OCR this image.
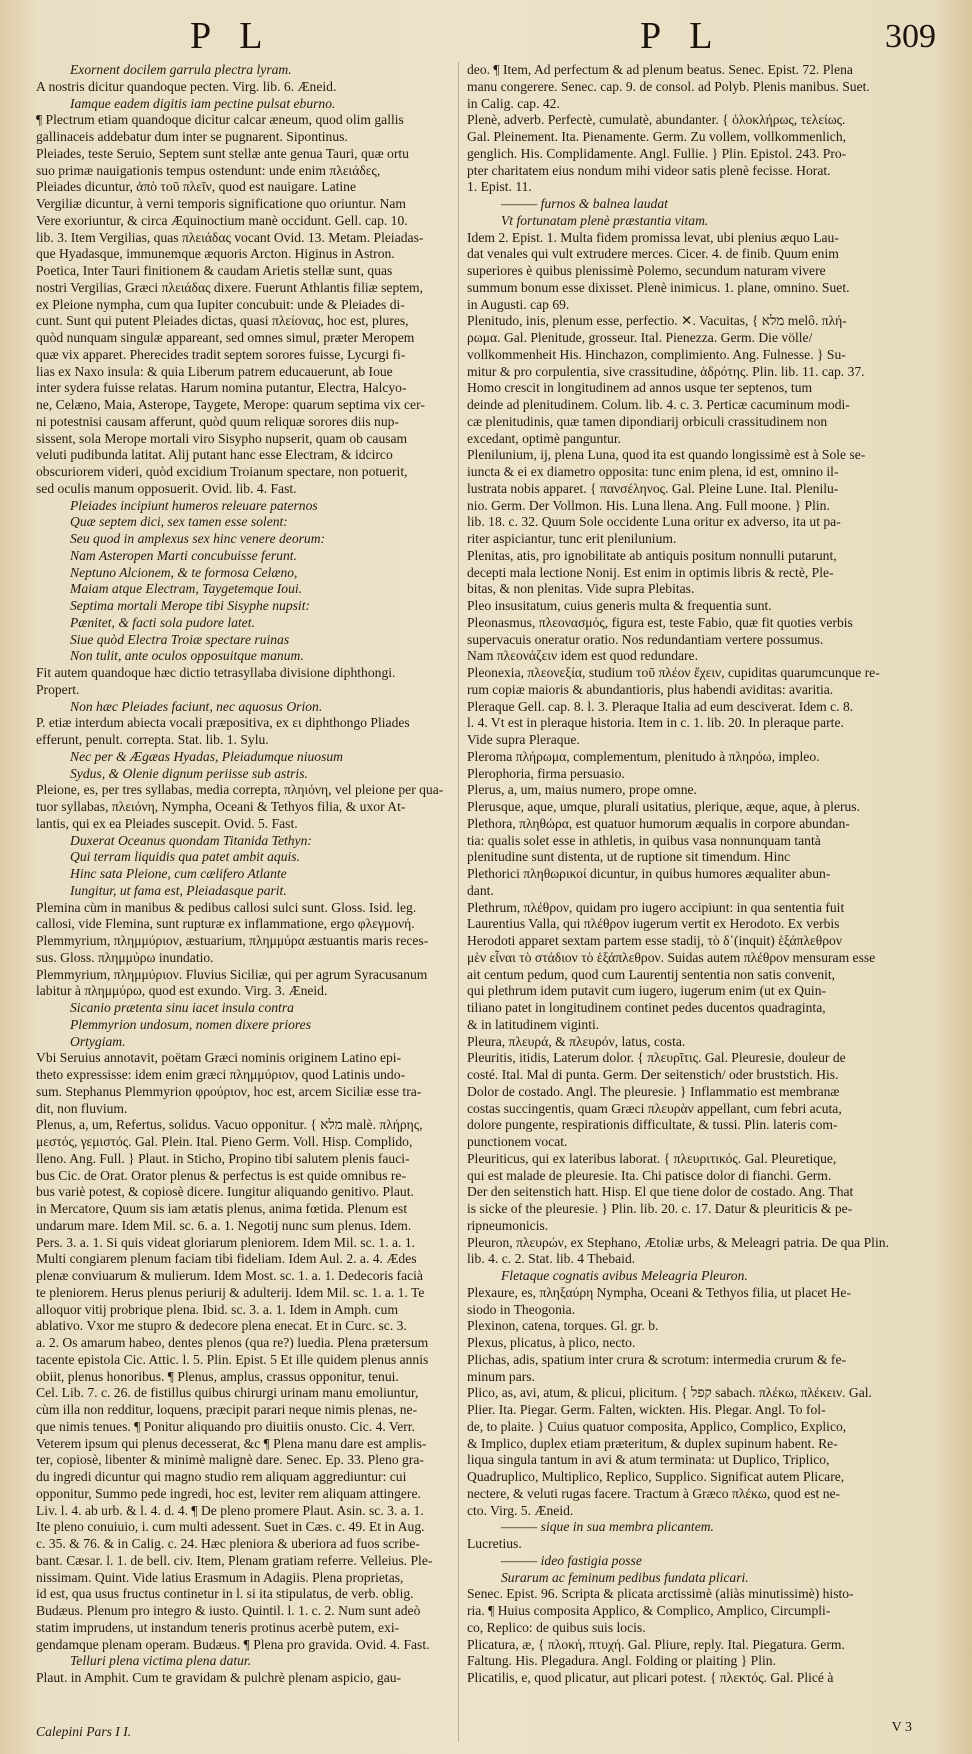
P L	P L	309
Exornent docilem garrula plectra lyram.
A nostris dicitur quandoque pecten. Virg. lib. 6. Æneid.
Iamque eadem digitis iam pectine pulsat eburno.
¶ Plectrum etiam quandoque dicitur calcar æneum, quod olim gallis
gallinaceis addebatur dum inter se pugnarent. Sipontinus.
Pleiades, teste Seruio, Septem sunt stellæ ante genua Tauri, quæ ortu
suo primæ nauigationis tempus ostendunt: unde enim πλειάδες,
Pleiades dicuntur, ἀπὸ τοῦ πλεῖν, quod est nauigare. Latine
Vergiliæ dicuntur, à verni temporis significatione quo oriuntur. Nam
Vere exoriuntur, & circa Æquinoctium manè occidunt. Gell. cap. 10.
lib. 3. Item Vergilias, quas πλειάδας vocant Ovid. 13. Metam. Pleiadas-
que Hyadasque, immunemque æquoris Arcton. Higinus in Astron.
Poetica, Inter Tauri finitionem & caudam Arietis stellæ sunt, quas
nostri Vergilias, Græci πλειάδας dixere. Fuerunt Athlantis filiæ septem,
ex Pleione nympha, cum qua Iupiter concubuit: unde & Pleiades di-
cunt. Sunt qui putent Pleiades dictas, quasi πλείονας, hoc est, plures,
quòd nunquam singulæ appareant, sed omnes simul, præter Meropem
quæ vix apparet. Pherecides tradit septem sorores fuisse, Lycurgi fi-
lias ex Naxo insula: & quia Liberum patrem educauerunt, ab Ioue
inter sydera fuisse relatas. Harum nomina putantur, Electra, Halcyo-
ne, Celæno, Maia, Asterope, Taygete, Merope: quarum septima vix cer-
ni potestnisi causam afferunt, quòd quum reliquæ sorores diis nup-
sissent, sola Merope mortali viro Sisypho nupserit, quam ob causam
veluti pudibunda latitat. Alij putant hanc esse Electram, & idcirco
obscuriorem videri, quòd excidium Troianum spectare, non potuerit,
sed oculis manum opposuerit. Ovid. lib. 4. Fast.
Pleiades incipiunt humeros releuare paternos
Quæ septem dici, sex tamen esse solent:
Seu quod in amplexus sex hinc venere deorum:
Nam Asteropen Marti concubuisse ferunt.
Neptuno Alcionem, & te formosa Celæno,
Maiam atque Electram, Taygetemque Ioui.
Septima mortali Merope tibi Sisyphe nupsit:
Pænitet, & facti sola pudore latet.
Siue quòd Electra Troiæ spectare ruinas
Non tulit, ante oculos opposuitque manum.
Fit autem quandoque hæc dictio tetrasyllaba divisione diphthongi.
Propert.
Non hæc Pleiades faciunt, nec aquosus Orion.
P. etiæ interdum abiecta vocali præpositiva, ex ει diphthongo Pliades
efferunt, penult. correpta. Stat. lib. 1. Sylu.
Nec per & Ægæas Hyadas, Pleiadumque niuosum
Sydus, & Olenie dignum periisse sub astris.
Pleione, es, per tres syllabas, media correpta, πληιόνη, vel pleione per qua-
tuor syllabas, πλειόνη, Nympha, Oceani & Tethyos filia, & uxor At-
lantis, qui ex ea Pleiades suscepit. Ovid. 5. Fast.
Duxerat Oceanus quondam Titanida Tethyn:
Qui terram liquidis qua patet ambit aquis.
Hinc sata Pleione, cum cælifero Atlante
Iungitur, ut fama est, Pleiadasque parit.
Plemina cùm in manibus & pedibus callosi sulci sunt. Gloss. Isid. leg.
callosi, vide Flemina, sunt rupturæ ex inflammatione, ergo φλεγμονή.
Plemmyrium, πλημμύριον, æstuarium, πλημμύρα æstuantis maris reces-
sus. Gloss. πλημμύρω inundatio.
Plemmyrium, πλημμύριον. Fluvius Siciliæ, qui per agrum Syracusanum
labitur à πλημμύρω, quod est exundo. Virg. 3. Æneid.
Sicanio prætenta sinu iacet insula contra
Plemmyrion undosum, nomen dixere priores
Ortygiam.
Vbi Seruius annotavit, poëtam Græci nominis originem Latino epi-
theto expressisse: idem enim græci πλημμύριον, quod Latinis undo-
sum. Stephanus Plemmyrion φρούριον, hoc est, arcem Siciliæ esse tra-
dit, non fluvium.
Plenus, a, um, Refertus, solidus. Vacuo opponitur. { מלא malè. πλήρης,
μεστός, γεμιστός. Gal. Plein. Ital. Pieno Germ. Voll. Hisp. Complido,
lleno. Ang. Full. } Plaut. in Sticho, Propino tibi salutem plenis fauci-
bus Cic. de Orat. Orator plenus & perfectus is est quide omnibus re-
bus variè potest, & copiosè dicere. Iungitur aliquando genitivo. Plaut.
in Mercatore, Quum sis iam ætatis plenus, anima fœtida. Plenum est
undarum mare. Idem Mil. sc. 6. a. 1. Negotij nunc sum plenus. Idem.
Pers. 3. a. 1. Si quis videat gloriarum pleniorem. Idem Mil. sc. 1. a. 1.
Multi congiarem plenum faciam tibi fideliam. Idem Aul. 2. a. 4. Ædes
plenæ conviuarum & mulierum. Idem Most. sc. 1. a. 1. Dedecoris facià
te pleniorem. Herus plenus periurij & adulterij. Idem Mil. sc. 1. a. 1. Te
alloquor vitij probrique plena. Ibid. sc. 3. a. 1. Idem in Amph. cum
ablativo. Vxor me stupro & dedecore plena enecat. Et in Curc. sc. 3.
a. 2. Os amarum habeo, dentes plenos (qua re?) luedia. Plena prætersum
tacente epistola Cic. Attic. l. 5. Plin. Epist. 5 Et ille quidem plenus annis
obiit, plenus honoribus. ¶ Plenus, amplus, crassus opponitur, tenui.
Cel. Lib. 7. c. 26. de fistillus quibus chirurgi urinam manu emoliuntur,
cùm illa non redditur, loquens, præcipit parari neque nimis plenas, ne-
que nimis tenues. ¶ Ponitur aliquando pro diuitiis onusto. Cic. 4. Verr.
Veterem ipsum qui plenus decesserat, &c ¶ Plena manu dare est amplis-
ter, copiosè, libenter & minimè malignè dare. Senec. Ep. 33. Pleno gra-
du ingredi dicuntur qui magno studio rem aliquam aggrediuntur: cui
opponitur, Summo pede ingredi, hoc est, leviter rem aliquam attingere.
Liv. l. 4. ab urb. & l. 4. d. 4. ¶ De pleno promere Plaut. Asin. sc. 3. a. 1.
Ite pleno conuiuio, i. cum multi adessent. Suet in Cæs. c. 49. Et in Aug.
c. 35. & 76. & in Calig. c. 24. Hæc pleniora & uberiora ad fuos scribe-
bant. Cæsar. l. 1. de bell. civ. Item, Plenam gratiam referre. Velleius. Ple-
nissimam. Quint. Vide latius Erasmum in Adagiis. Plena proprietas,
id est, qua usus fructus continetur in l. si ita stipulatus, de verb. oblig.
Budæus. Plenum pro integro & iusto. Quintil. l. 1. c. 2. Num sunt adeò
statim imprudens, ut instandum teneris protinus acerbè putem, exi-
gendamque plenam operam. Budæus. ¶ Plena pro gravida. Ovid. 4. Fast.
Telluri plena victima plena datur.
Plaut. in Amphit. Cum te gravidam & pulchrè plenam aspicio, gau-
deo. ¶ Item, Ad perfectum & ad plenum beatus. Senec. Epist. 72. Plena
manu congerere. Senec. cap. 9. de consol. ad Polyb. Plenis manibus. Suet.
in Calig. cap. 42.
Plenè, adverb. Perfectè, cumulatè, abundanter. { ὁλοκλήρως, τελείως.
Gal. Pleinement. Ita. Pienamente. Germ. Zu vollem, vollkommenlich,
genglich. His. Complidamente. Angl. Fullie. } Plin. Epistol. 243. Pro-
pter charitatem eius nondum mihi videor satis plenè fecisse. Horat.
1. Epist. 11.
——— furnos & balnea laudat
Vt fortunatam plenè præstantia vitam.
Idem 2. Epist. 1. Multa fidem promissa levat, ubi plenius æquo Lau-
dat venales qui vult extrudere merces. Cicer. 4. de finib. Quum enim
superiores è quibus plenissimè Polemo, secundum naturam vivere
summum bonum esse dixisset. Plenè inimicus. 1. plane, omnino. Suet.
in Augusti. cap 69.
Plenitudo, inis, plenum esse, perfectio. ✕. Vacuitas, { מלא melô. πλή-
ρωμα. Gal. Plenitude, grosseur. Ital. Pienezza. Germ. Die völle/
vollkommenheit His. Hinchazon, complimiento. Ang. Fulnesse. } Su-
mitur & pro corpulentia, sive crassitudine, ἁδρότης. Plin. lib. 11. cap. 37.
Homo crescit in longitudinem ad annos usque ter septenos, tum
deinde ad plenitudinem. Colum. lib. 4. c. 3. Perticæ cacuminum modi-
cæ plenitudinis, quæ tamen dipondiarij orbiculi crassitudinem non
excedant, optimè panguntur.
Plenilunium, ij, plena Luna, quod ita est quando longissimè est à Sole se-
iuncta & ei ex diametro opposita: tunc enim plena, id est, omnino il-
lustrata nobis apparet. { πανσέληνος. Gal. Pleine Lune. Ital. Plenilu-
nio. Germ. Der Vollmon. His. Luna llena. Ang. Full moone. } Plin.
lib. 18. c. 32. Quum Sole occidente Luna oritur ex adverso, ita ut pa-
riter aspiciantur, tunc erit plenilunium.
Plenitas, atis, pro ignobilitate ab antiquis positum nonnulli putarunt,
decepti mala lectione Nonij. Est enim in optimis libris & rectè, Ple-
bitas, & non plenitas. Vide supra Plebitas.
Pleo insusitatum, cuius generis multa & frequentia sunt.
Pleonasmus, πλεονασμός, figura est, teste Fabio, quæ fit quoties verbis
supervacuis oneratur oratio. Nos redundantiam vertere possumus.
Nam πλεονάζειν idem est quod redundare.
Pleonexia, πλεονεξία, studium τοῦ πλέον ἔχειν, cupiditas quarumcunque re-
rum copiæ maioris & abundantioris, plus habendi aviditas: avaritia.
Pleraque Gell. cap. 8. l. 3. Pleraque Italia ad eum desciverat. Idem c. 8.
l. 4. Vt est in pleraque historia. Item in c. 1. lib. 20. In pleraque parte.
Vide supra Pleraque.
Pleroma πλήρωμα, complementum, plenitudo à πληρόω, impleo.
Plerophoria, firma persuasio.
Plerus, a, um, maius numero, prope omne.
Plerusque, aque, umque, plurali usitatius, plerique, æque, aque, à plerus.
Plethora, πληθώρα, est quatuor humorum æqualis in corpore abundan-
tia: qualis solet esse in athletis, in quibus vasa nonnunquam tantà
plenitudine sunt distenta, ut de ruptione sit timendum. Hinc
Plethorici πληθωρικοί dicuntur, in quibus humores æqualiter abun-
dant.
Plethrum, πλέθρον, quidam pro iugero accipiunt: in qua sententia fuit
Laurentius Valla, qui πλέθρον iugerum vertit ex Herodoto. Ex verbis
Herodoti apparet sextam partem esse stadij, τὸ δ᾽(inquit) ἑξάπλεθρον
μὲν εἶναι τὸ στάδιον τὸ ἑξάπλεθρον. Suidas autem πλέθρον mensuram esse
ait centum pedum, quod cum Laurentij sententia non satis convenit,
qui plethrum idem putavit cum iugero, iugerum enim (ut ex Quin-
tiliano patet in longitudinem continet pedes ducentos quadraginta,
& in latitudinem viginti.
Pleura, πλευρά, & πλευρόν, latus, costa.
Pleuritis, itidis, Laterum dolor. { πλευρῖτις. Gal. Pleuresie, douleur de
costé. Ital. Mal di punta. Germ. Der seitenstich/ oder bruststich. His.
Dolor de costado. Angl. The pleuresie. } Inflammatio est membranæ
costas succingentis, quam Græci πλευρὰν appellant, cum febri acuta,
dolore pungente, respirationis difficultate, & tussi. Plin. lateris com-
punctionem vocat.
Pleuriticus, qui ex lateribus laborat. { πλευριτικός. Gal. Pleuretique,
qui est malade de pleuresie. Ita. Chi patisce dolor di fianchi. Germ.
Der den seitenstich hatt. Hisp. El que tiene dolor de costado. Ang. That
is sicke of the pleuresie. } Plin. lib. 20. c. 17. Datur & pleuriticis & pe-
ripneumonicis.
Pleuron, πλευρών, ex Stephano, Ætoliæ urbs, & Meleagri patria. De qua Plin.
lib. 4. c. 2. Stat. lib. 4 Thebaid.
Fletaque cognatis avibus Meleagria Pleuron.
Plexaure, es, πληξαύρη Nympha, Oceani & Tethyos filia, ut placet He-
siodo in Theogonia.
Plexinon, catena, torques. Gl. gr. b.
Plexus, plicatus, à plico, necto.
Plichas, adis, spatium inter crura & scrotum: intermedia crurum & fe-
minum pars.
Plico, as, avi, atum, & plicui, plicitum. { קפל sabach. πλέκω, πλέκειν. Gal.
Plier. Ita. Piegar. Germ. Falten, wickten. His. Plegar. Angl. To fol-
de, to plaite. } Cuius quatuor composita, Applico, Complico, Explico,
& Implico, duplex etiam præteritum, & duplex supinum habent. Re-
liqua singula tantum in avi & atum terminata: ut Duplico, Triplico,
Quadruplico, Multiplico, Replico, Supplico. Significat autem Plicare,
nectere, & veluti rugas facere. Tractum à Græco πλέκω, quod est ne-
cto. Virg. 5. Æneid.
——— sique in sua membra plicantem.
Lucretius.
——— ideo fastigia posse
Surarum ac feminum pedibus fundata plicari.
Senec. Epist. 96. Scripta & plicata arctissimè (aliàs minutissimè) histo-
ria. ¶ Huius composita Applico, & Complico, Amplico, Circumpli-
co, Replico: de quibus suis locis.
Plicatura, æ, { πλοκή, πτυχή. Gal. Pliure, reply. Ital. Piegatura. Germ.
Faltung. His. Plegadura. Angl. Folding or plaiting } Plin.
Plicatilis, e, quod plicatur, aut plicari potest. { πλεκτός. Gal. Plicé à
Calepini Pars I I.	V 3
